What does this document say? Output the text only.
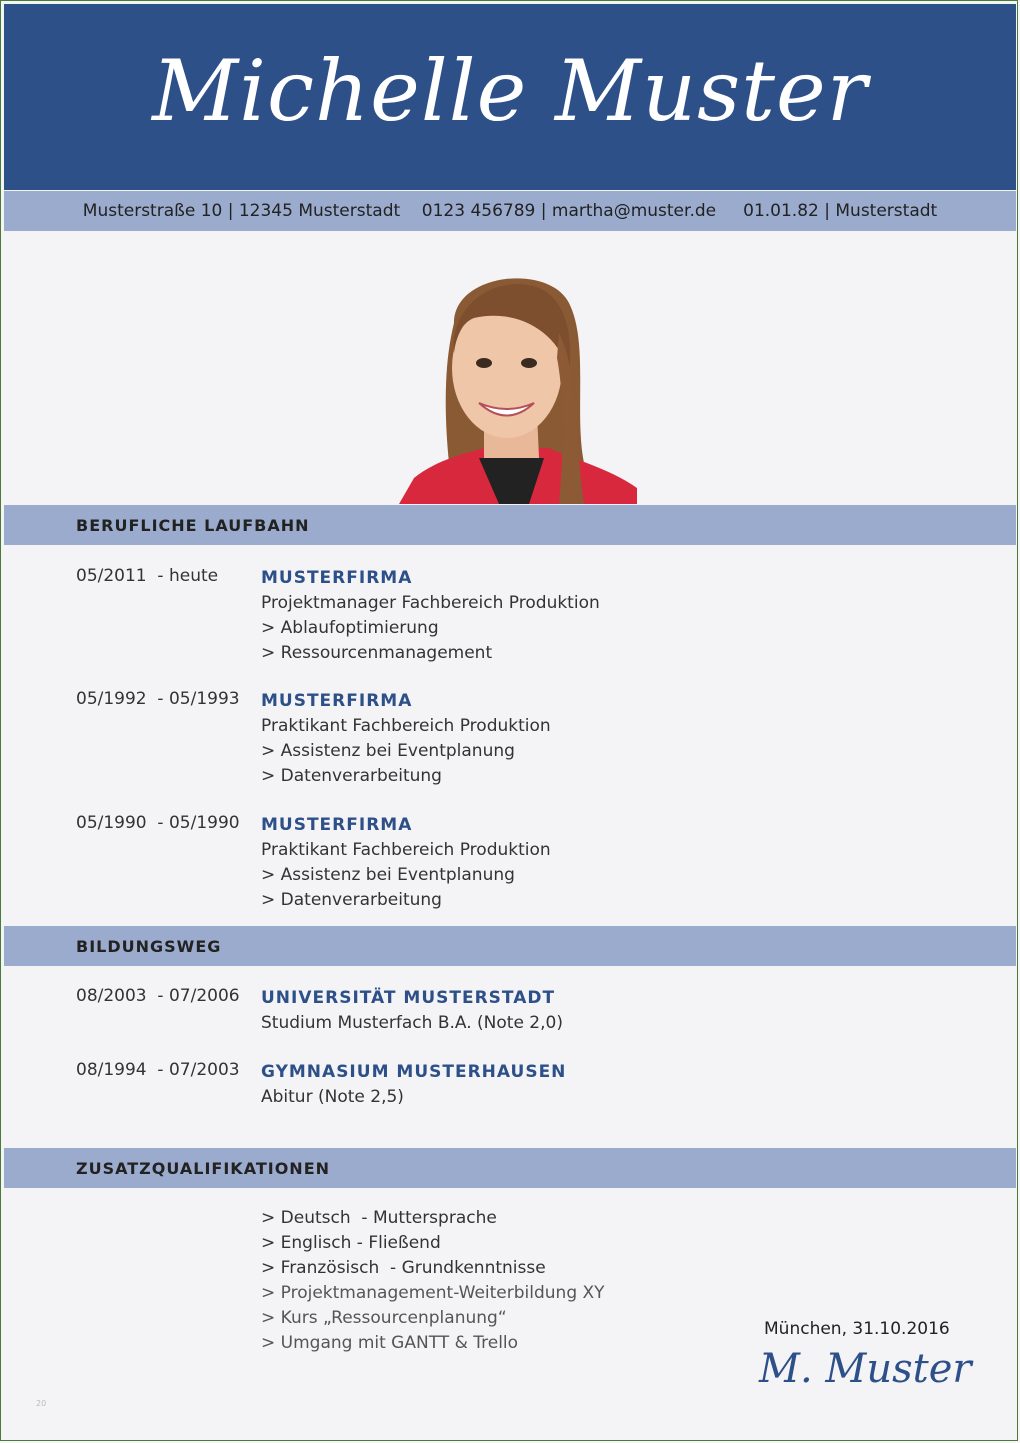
Michelle Muster
Musterstraße 10 | 12345 Musterstadt
0123 456789 | martha@muster.de
01.01.82 | Musterstadt
BERUFLICHE LAUFBAHN
05/2011  - heute	MUSTERFIRMA
Projektmanager Fachbereich Produktion
> Ablaufoptimierung
> Ressourcenmanagement
05/1992  - 05/1993	MUSTERFIRMA
Praktikant Fachbereich Produktion
> Assistenz bei Eventplanung
> Datenverarbeitung
05/1990  - 05/1990	MUSTERFIRMA
Praktikant Fachbereich Produktion
> Assistenz bei Eventplanung
> Datenverarbeitung
BILDUNGSWEG
08/2003  - 07/2006	UNIVERSITÄT MUSTERSTADT
Studium Musterfach B.A. (Note 2,0)
08/1994  - 07/2003	GYMNASIUM MUSTERHAUSEN
Abitur (Note 2,5)
ZUSATZQUALIFIKATIONEN
> Deutsch  - Muttersprache
> Englisch - Fließend
> Französisch  - Grundkenntnisse
> Projektmanagement-Weiterbildung XY
> Kurs „Ressourcenplanung“
> Umgang mit GANTT & Trello
München, 31.10.2016
M. Muster
20
